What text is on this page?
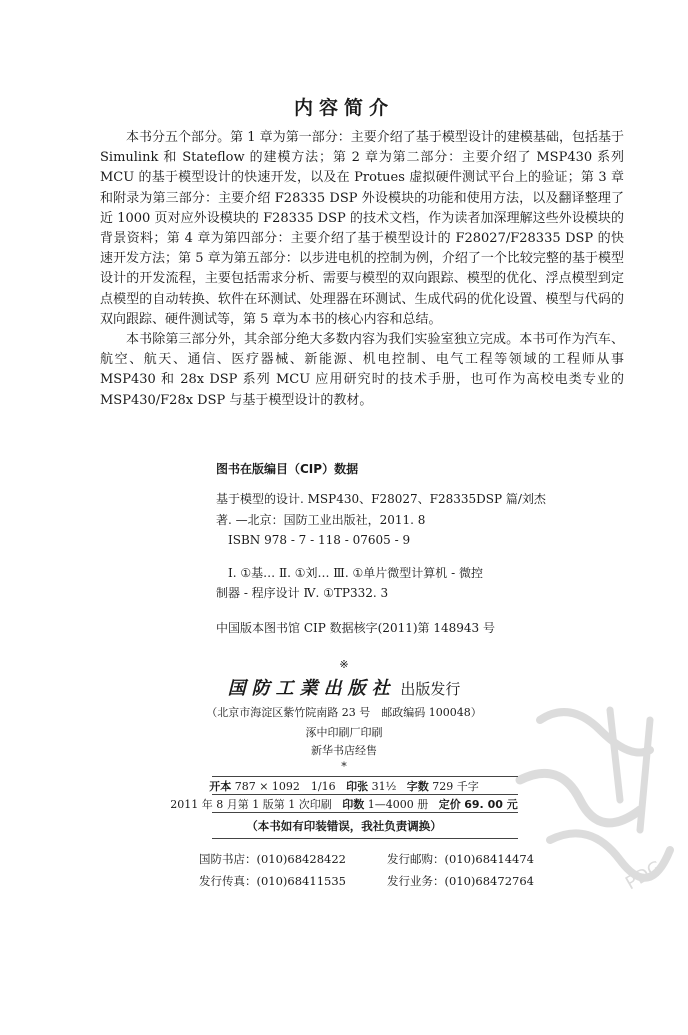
内容简介

本书分五个部分。第 1 章为第一部分：主要介绍了基于模型设计的建模基础，包括基于 Simulink 和 Stateflow 的建模方法；第 2 章为第二部分：主要介绍了 MSP430 系列 MCU 的基于模型设计的快速开发，以及在 Protues 虚拟硬件测试平台上的验证；第 3 章和附录为第三部分：主要介绍 F28335 DSP 外设模块的功能和使用方法，以及翻译整理了近 1000 页对应外设模块的 F28335 DSP 的技术文档，作为读者加深理解这些外设模块的背景资料；第 4 章为第四部分：主要介绍了基于模型设计的 F28027/F28335 DSP 的快速开发方法；第 5 章为第五部分：以步进电机的控制为例，介绍了一个比较完整的基于模型设计的开发流程，主要包括需求分析、需要与模型的双向跟踪、模型的优化、浮点模型到定点模型的自动转换、软件在环测试、处理器在环测试、生成代码的优化设置、模型与代码的双向跟踪、硬件测试等，第 5 章为本书的核心内容和总结。

本书除第三部分外，其余部分绝大多数内容为我们实验室独立完成。本书可作为汽车、航空、航天、通信、医疗器械、新能源、机电控制、电气工程等领域的工程师从事 MSP430 和 28x DSP 系列 MCU 应用研究时的技术手册，也可作为高校电类专业的 MSP430/F28x DSP 与基于模型设计的教材。

图书在版编目（CIP）数据
基于模型的设计. MSP430、F28027、F28335DSP 篇/刘杰
著. —北京：国防工业出版社，2011. 8
ISBN 978 - 7 - 118 - 07605 - 9
Ⅰ. ①基… Ⅱ. ①刘… Ⅲ. ①单片微型计算机 - 微控
制器 - 程序设计 Ⅳ. ①TP332. 3
中国版本图书馆 CIP 数据核字(2011)第 148943 号
※
国防工業出版社 出版发行
（北京市海淀区紫竹院南路 23 号　邮政编码 100048）
涿中印刷厂印刷
新华书店经售
*
开本 787 × 1092　1/16 印张 31½ 字数 729 千字
2011 年 8 月第 1 版第 1 次印刷 印数 1—4000 册 定价 69. 00 元
（本书如有印装错误，我社负责调换）
国防书店：(010)68428422	发行邮购：(010)68414474
发行传真：(010)68411535	发行业务：(010)68472764	PDG
